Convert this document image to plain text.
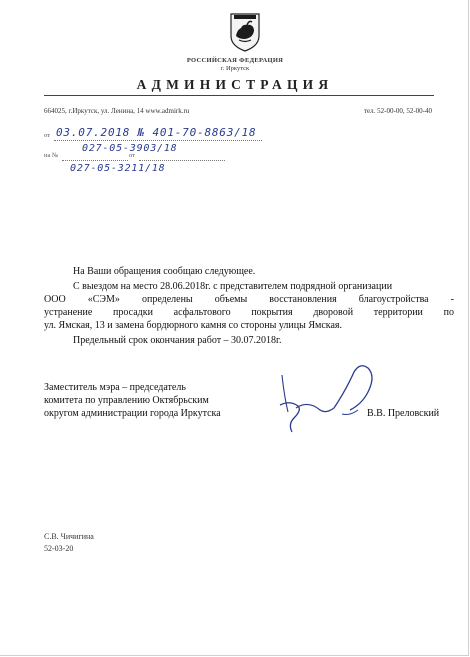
РОССИЙСКАЯ ФЕДЕРАЦИЯ
г. Иркутск
АДМИНИСТРАЦИЯ
664025, г.Иркутск, ул. Ленина, 14 www.admirk.ru	тел. 52-00-00, 52-00-40
от 03.07.2018 № 401-70-8863/18
на №	от
027-05-3903/18
027-05-3211/18
На Ваши обращения сообщаю следующее.
С выездом на место 28.06.2018г. с представителем подрядной организации
ООО «СЭМ» определены объемы восстановления благоустройства -
устранение просадки асфальтового покрытия дворовой территории по
ул. Ямская, 13 и замена бордюрного камня со стороны улицы Ямская.
Предельный срок окончания работ – 30.07.2018г.
Заместитель мэра – председатель
комитета по управлению Октябрьским
округом администрации города Иркутска	В.В. Преловский
С.В. Чичигина
52-03-20
